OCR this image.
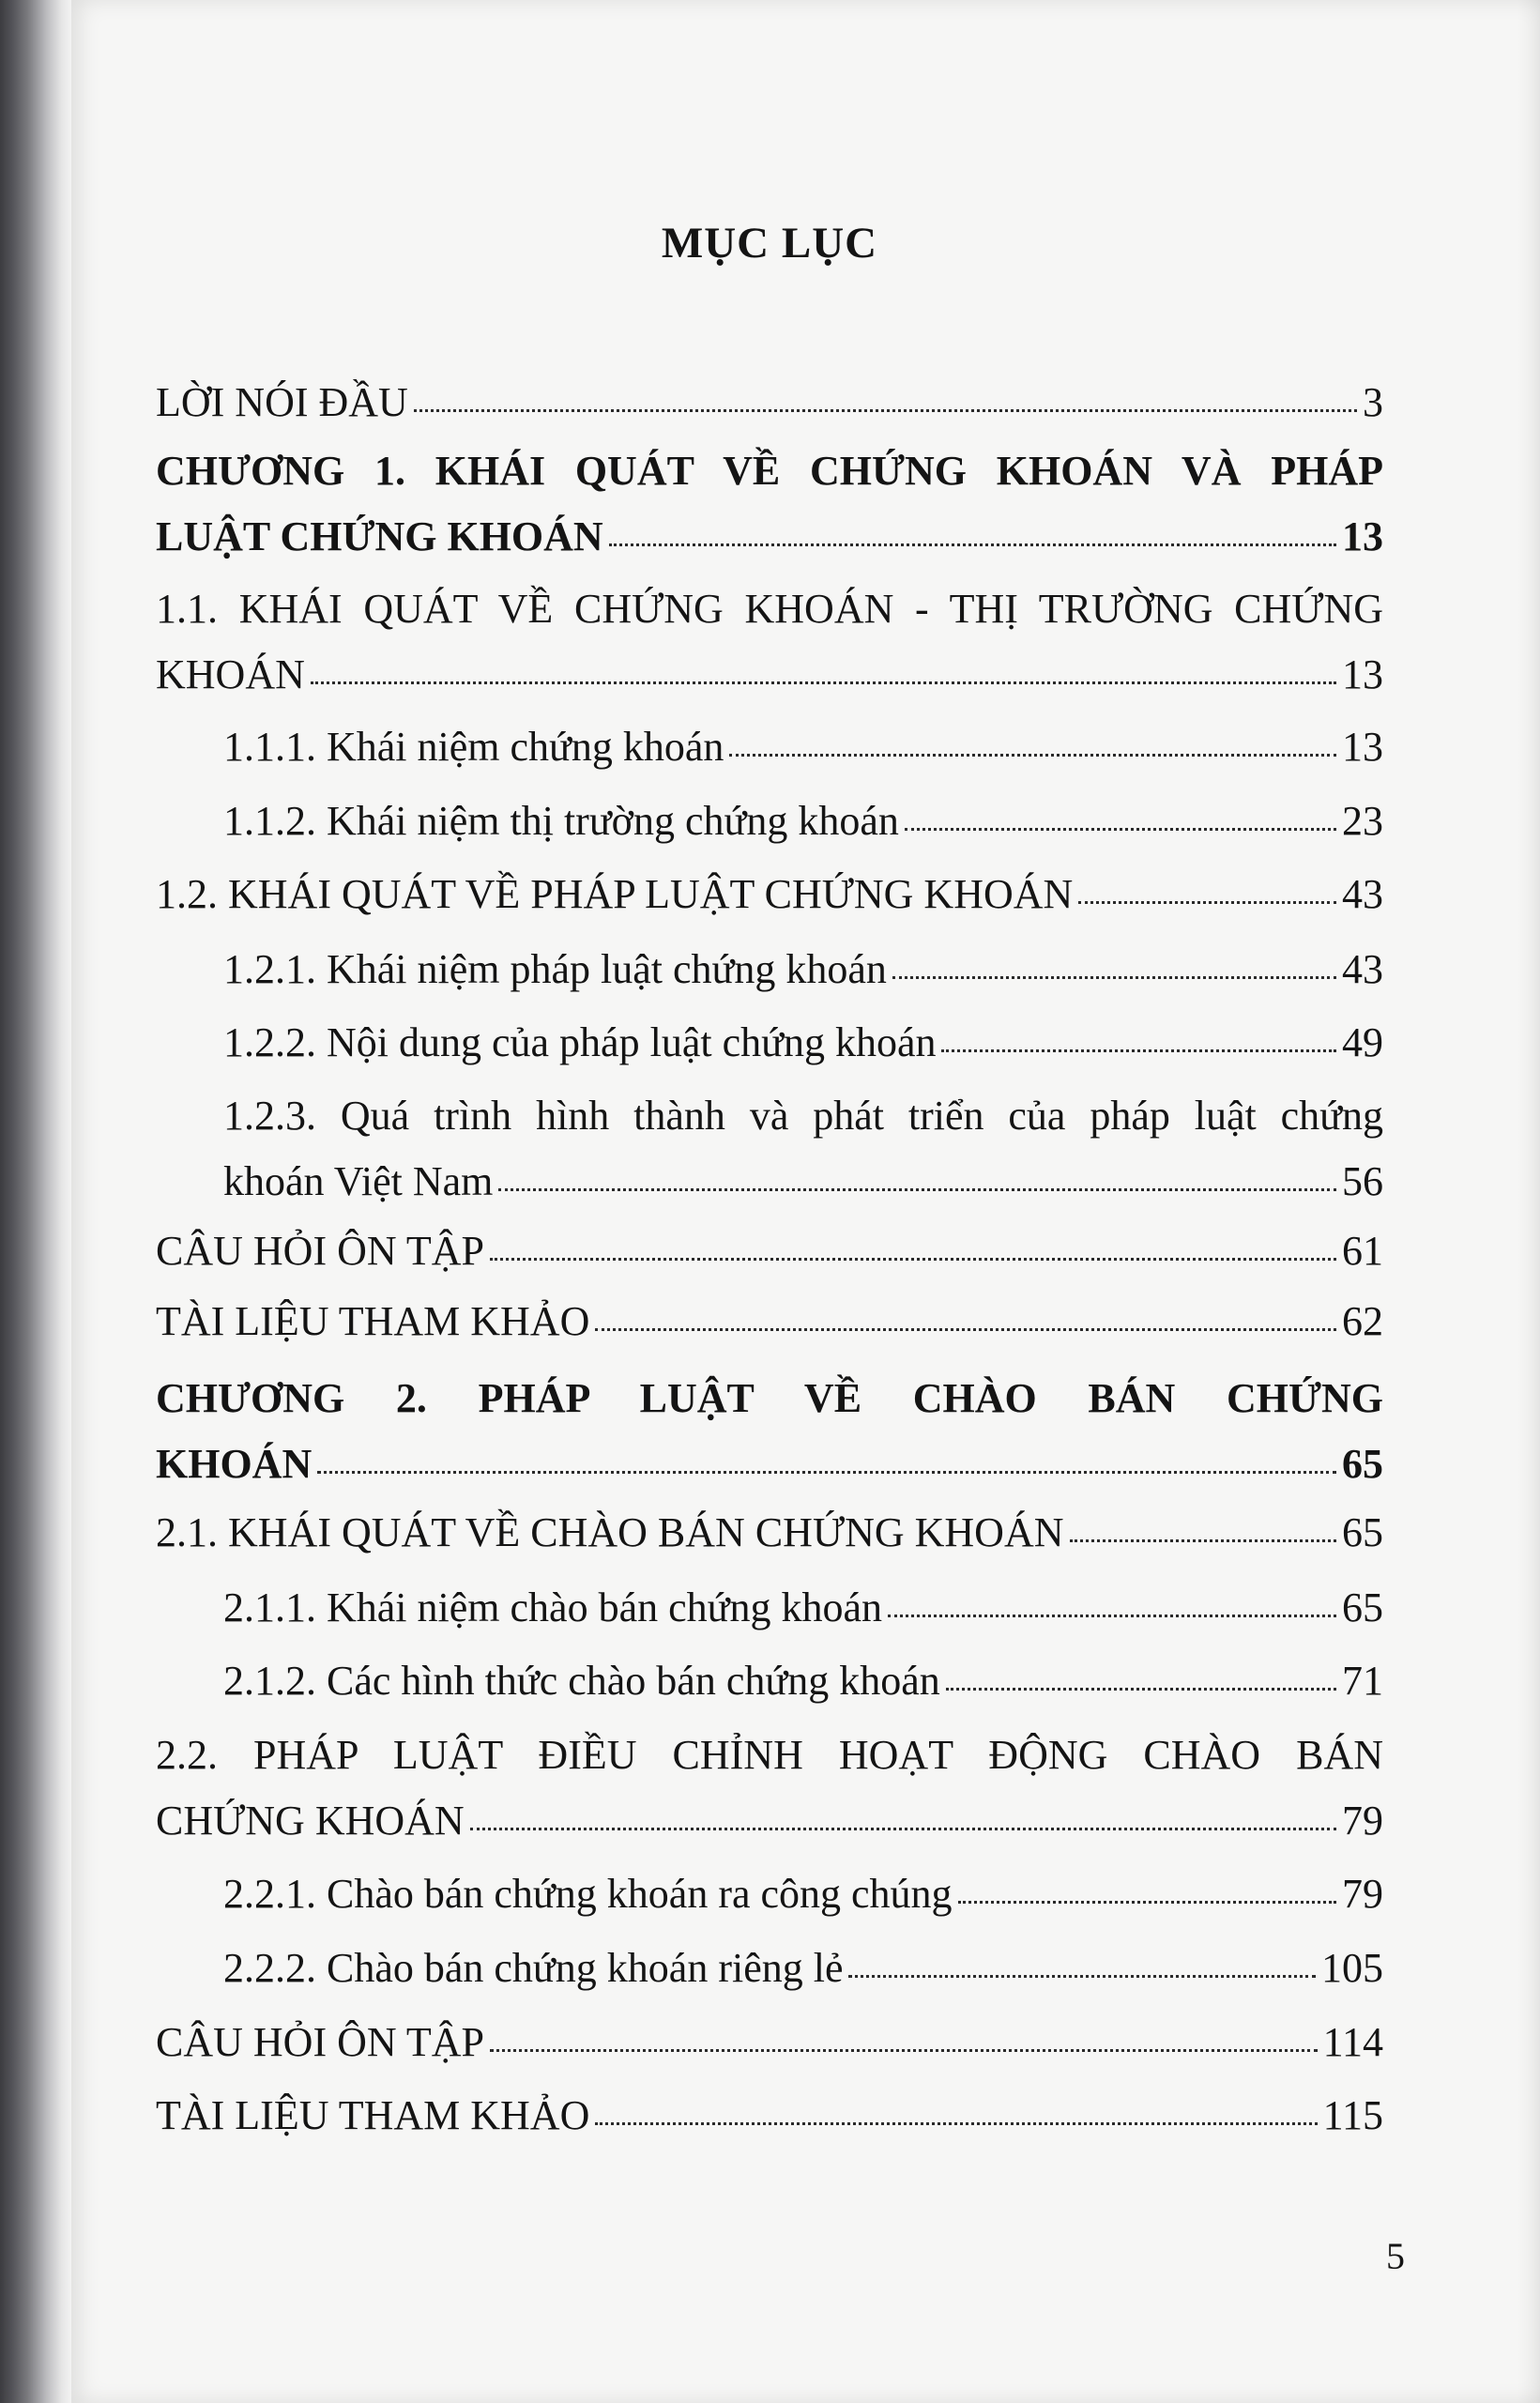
MỤC LỤC
LỜI NÓI ĐẦU	3
CHƯƠNG 1. KHÁI QUÁT VỀ CHỨNG KHOÁN VÀ PHÁP
LUẬT CHỨNG KHOÁN	13
1.1. KHÁI QUÁT VỀ CHỨNG KHOÁN - THỊ TRƯỜNG CHỨNG
KHOÁN	13
1.1.1. Khái niệm chứng khoán	13
1.1.2. Khái niệm thị trường chứng khoán	23
1.2. KHÁI QUÁT VỀ PHÁP LUẬT CHỨNG KHOÁN	43
1.2.1. Khái niệm pháp luật chứng khoán	43
1.2.2. Nội dung của pháp luật chứng khoán	49
1.2.3. Quá trình hình thành và phát triển của pháp luật chứng
khoán Việt Nam	56
CÂU HỎI ÔN TẬP	61
TÀI LIỆU THAM KHẢO	62
CHƯƠNG 2. PHÁP LUẬT VỀ CHÀO BÁN CHỨNG
KHOÁN	65
2.1. KHÁI QUÁT VỀ CHÀO BÁN CHỨNG KHOÁN	65
2.1.1. Khái niệm chào bán chứng khoán	65
2.1.2. Các hình thức chào bán chứng khoán	71
2.2. PHÁP LUẬT ĐIỀU CHỈNH HOẠT ĐỘNG CHÀO BÁN
CHỨNG KHOÁN	79
2.2.1. Chào bán chứng khoán ra công chúng	79
2.2.2. Chào bán chứng khoán riêng lẻ	105
CÂU HỎI ÔN TẬP	114
TÀI LIỆU THAM KHẢO	115
5
